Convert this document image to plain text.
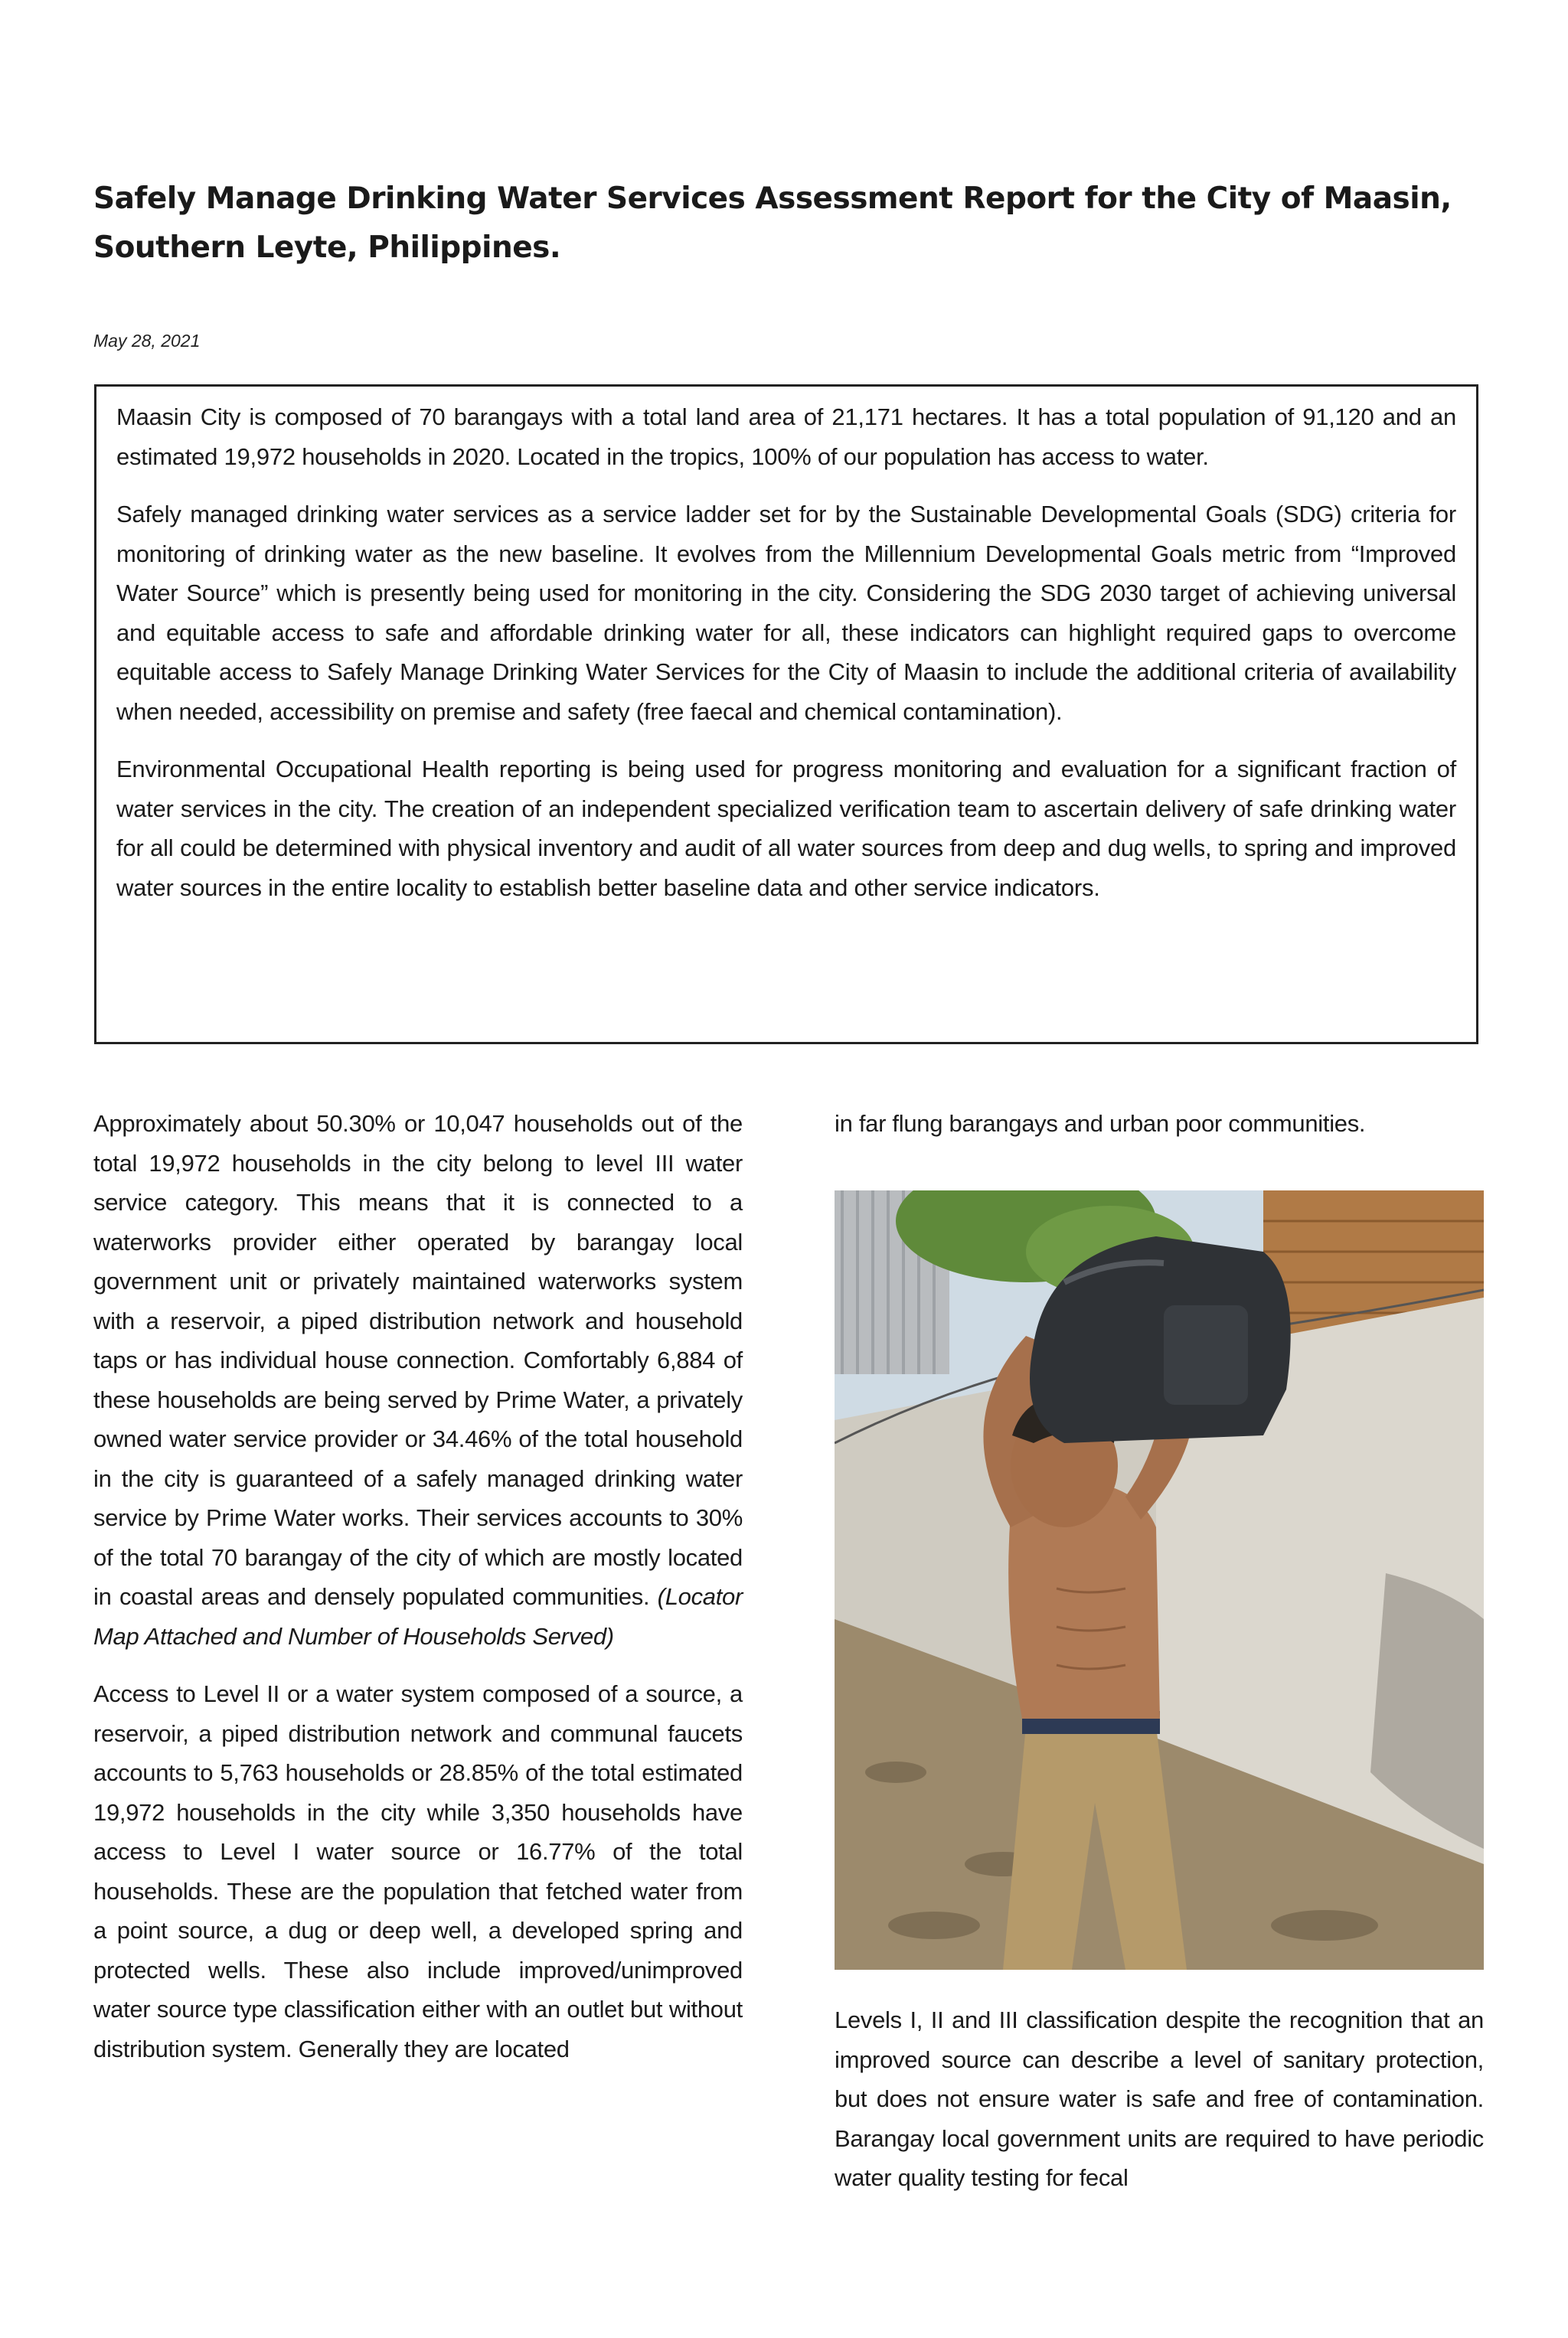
Safely Manage Drinking Water Services Assessment Report for the City of Maasin,
Southern Leyte, Philippines.
May 28, 2021

Maasin City is composed of 70 barangays with a total land area of 21,171 hectares. It has a total population of 91,120 and an estimated 19,972 households in 2020. Located in the tropics, 100% of our population has access to water.

Safely managed drinking water services as a service ladder set for by the Sustainable Developmental Goals (SDG) criteria for monitoring of drinking water as the new baseline. It evolves from the Millennium Developmental Goals metric from “Improved Water Source” which is presently being used for monitoring in the city. Considering the SDG 2030 target of achieving universal and equitable access to safe and affordable drinking water for all, these indicators can highlight required gaps to overcome equitable access to Safely Manage Drinking Water Services for the City of Maasin to include the additional criteria of availability when needed, accessibility on premise and safety (free faecal and chemical contamination).

Environmental Occupational Health reporting is being used for progress monitoring and evaluation for a significant fraction of water services in the city. The creation of an independent specialized verification team to ascertain delivery of safe drinking water for all could be determined with physical inventory and audit of all water sources from deep and dug wells, to spring and improved water sources in the entire locality to establish better baseline data and other service indicators.

Approximately about 50.30% or 10,047 households out of the total 19,972 households in the city belong to level III water service category. This means that it is connected to a waterworks provider either operated by barangay local government unit or privately maintained waterworks system with a reservoir, a piped distribution network and household taps or has individual house connection. Comfortably 6,884 of these households are being served by Prime Water, a privately owned water service provider or 34.46% of the total household in the city is guaranteed of a safely managed drinking water service by Prime Water works. Their services accounts to 30% of the total 70 barangay of the city of which are mostly located in coastal areas and densely populated communities. (Locator Map Attached and Number of Households Served)

Access to Level II or a water system composed of a source, a reservoir, a piped distribution network and communal faucets accounts to 5,763 households or 28.85% of the total estimated 19,972 households in the city while 3,350 households have access to Level I water source or 16.77% of the total households. These are the population that fetched water from a point source, a dug or deep well, a developed spring and protected wells. These also include improved/unimproved water source type classification either with an outlet but without distribution system. Generally they are located

in far flung barangays and urban poor communities.

Levels I, II and III classification despite the recognition that an improved source can describe a level of sanitary protection, but does not ensure water is safe and free of contamination. Barangay local government units are required to have periodic water quality testing for fecal
